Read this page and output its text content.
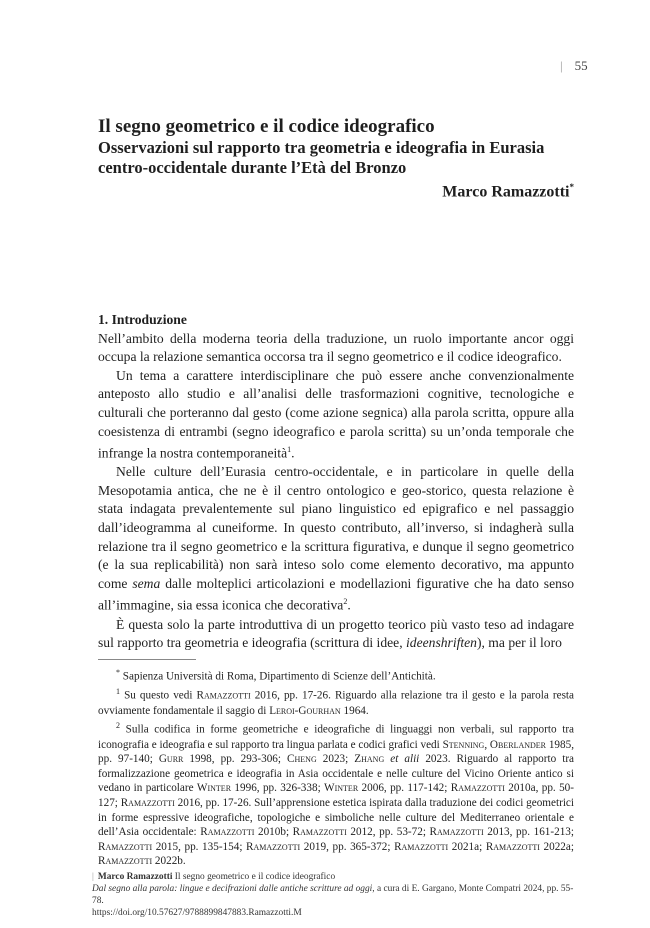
| 55
Il segno geometrico e il codice ideografico
Osservazioni sul rapporto tra geometria e ideografia in Eurasia
centro-occidentale durante l’Età del Bronzo
Marco Ramazzotti*
1. Introduzione

Nell’ambito della moderna teoria della traduzione, un ruolo importante ancor oggi occupa la relazione semantica occorsa tra il segno geometrico e il codice ideografico.

Un tema a carattere interdisciplinare che può essere anche convenzionalmente anteposto allo studio e all’analisi delle trasformazioni cognitive, tecnologiche e culturali che porteranno dal gesto (come azione segnica) alla parola scritta, oppure alla coesistenza di entrambi (segno ideografico e parola scritta) su un’onda temporale che infrange la nostra contemporaneità$^1$.

Nelle culture dell’Eurasia centro-occidentale, e in particolare in quelle della Mesopotamia antica, che ne è il centro ontologico e geo-storico, questa relazione è stata indagata prevalentemente sul piano linguistico ed epigrafico e nel passaggio dall’ideogramma al cuneiforme. In questo contributo, all’inverso, si indagherà sulla relazione tra il segno geometrico e la scrittura figurativa, e dunque il segno geometrico (e la sua replicabilità) non sarà inteso solo come elemento decorativo, ma appunto come sema dalle molteplici articolazioni e modellazioni figurative che ha dato senso all’immagine, sia essa iconica che decorativa$^2$.

È questa solo la parte introduttiva di un progetto teorico più vasto teso ad indagare sul rapporto tra geometria e ideografia (scrittura di idee, ideenshriften), ma per il loro

* Sapienza Università di Roma, Dipartimento di Scienze dell’Antichità.

$^1$ Su questo vedi Ramazzotti 2016, pp. 17-26. Riguardo alla relazione tra il gesto e la parola resta ovviamente fondamentale il saggio di Leroi-Gourhan 1964.

$^2$ Sulla codifica in forme geometriche e ideografiche di linguaggi non verbali, sul rapporto tra iconografia e ideografia e sul rapporto tra lingua parlata e codici grafici vedi Stenning, Oberlander 1985, pp. 97-140; Gurr 1998, pp. 293-306; Cheng 2023; Zhang et alii 2023. Riguardo al rapporto tra formalizzazione geometrica e ideografia in Asia occidentale e nelle culture del Vicino Oriente antico si vedano in particolare Winter 1996, pp. 326-338; Winter 2006, pp. 117-142; Ramazzotti 2010a, pp. 50-127; Ramazzotti 2016, pp. 17-26. Sull’apprensione estetica ispirata dalla traduzione dei codici geometrici in forme espressive ideografiche, topologiche e simboliche nelle culture del Mediterraneo orientale e dell’Asia occidentale: Ramazzotti 2010b; Ramazzotti 2012, pp. 53-72; Ramazzotti 2013, pp. 161-213; Ramazzotti 2015, pp. 135-154; Ramazzotti 2019, pp. 365-372; Ramazzotti 2021a; Ramazzotti 2022a; Ramazzotti 2022b.

| Marco Ramazzotti Il segno geometrico e il codice ideografico
Dal segno alla parola: lingue e decifrazioni dalle antiche scritture ad oggi, a cura di E. Gargano, Monte Compatri 2024, pp. 55-78.
https://doi.org/10.57627/9788899847883.Ramazzotti.M
